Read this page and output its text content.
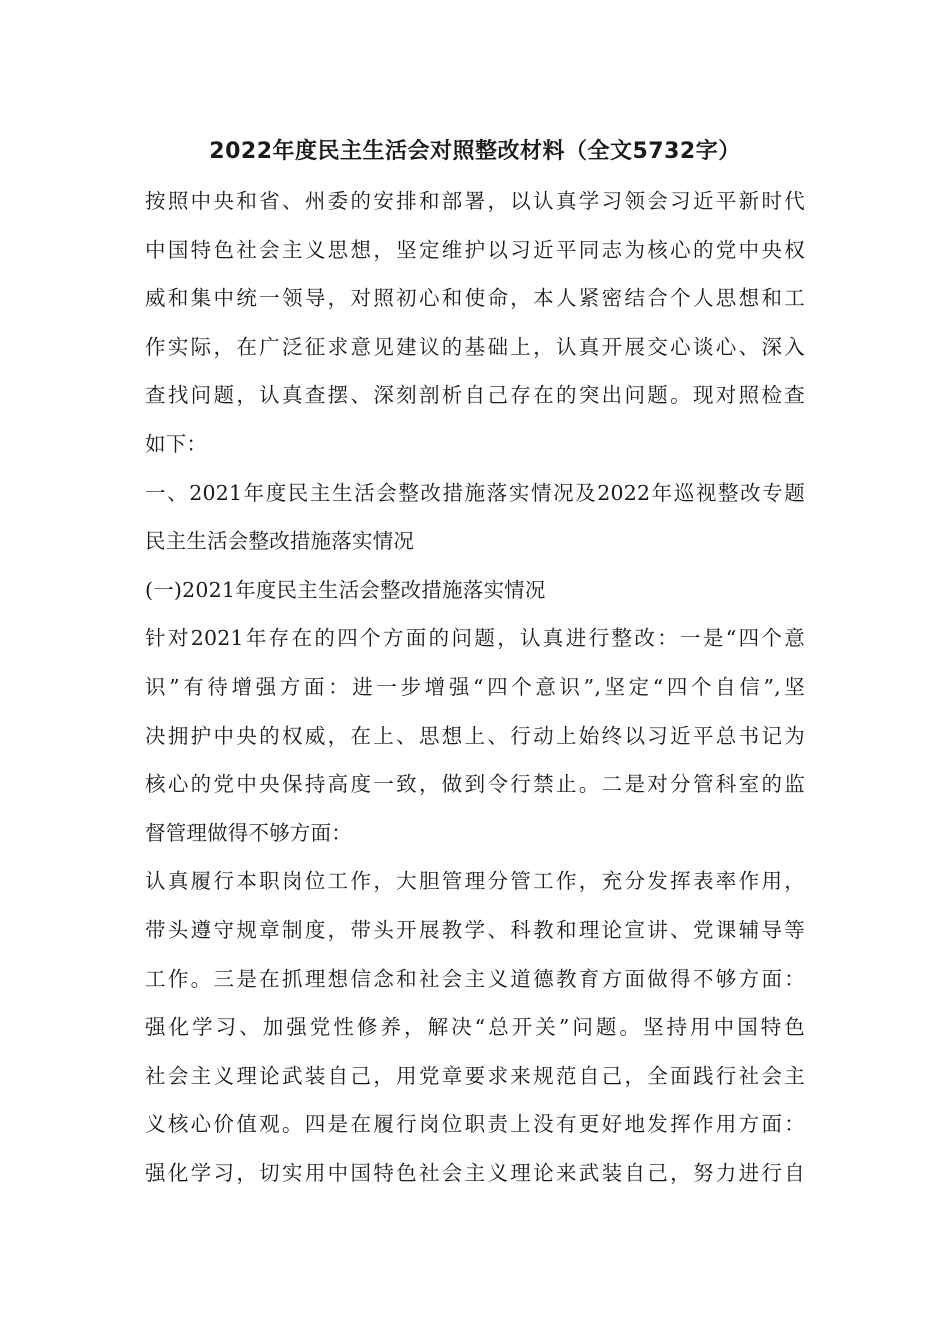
2022年度民主生活会对照整改材料（全文5732字）
按照中央和省、州委的安排和部署，以认真学习领会习近平新时代
中国特色社会主义思想，坚定维护以习近平同志为核心的党中央权
威和集中统一领导，对照初心和使命，本人紧密结合个人思想和工
作实际，在广泛征求意见建议的基础上，认真开展交心谈心、深入
查找问题，认真查摆、深刻剖析自己存在的突出问题。现对照检查
如下：
一、2021年度民主生活会整改措施落实情况及2022年巡视整改专题
民主生活会整改措施落实情况
(一)2021年度民主生活会整改措施落实情况
针对2021年存在的四个方面的问题，认真进行整改：一是“四个意
识”有待增强方面：进一步增强“四个意识”,坚定“四个自信”,坚
决拥护中央的权威，在上、思想上、行动上始终以习近平总书记为
核心的党中央保持高度一致，做到令行禁止。二是对分管科室的监
督管理做得不够方面：
认真履行本职岗位工作，大胆管理分管工作，充分发挥表率作用，
带头遵守规章制度，带头开展教学、科教和理论宣讲、党课辅导等
工作。三是在抓理想信念和社会主义道德教育方面做得不够方面：
强化学习、加强党性修养，解决“总开关”问题。坚持用中国特色
社会主义理论武装自己，用党章要求来规范自己，全面践行社会主
义核心价值观。四是在履行岗位职责上没有更好地发挥作用方面：
强化学习，切实用中国特色社会主义理论来武装自己，努力进行自
